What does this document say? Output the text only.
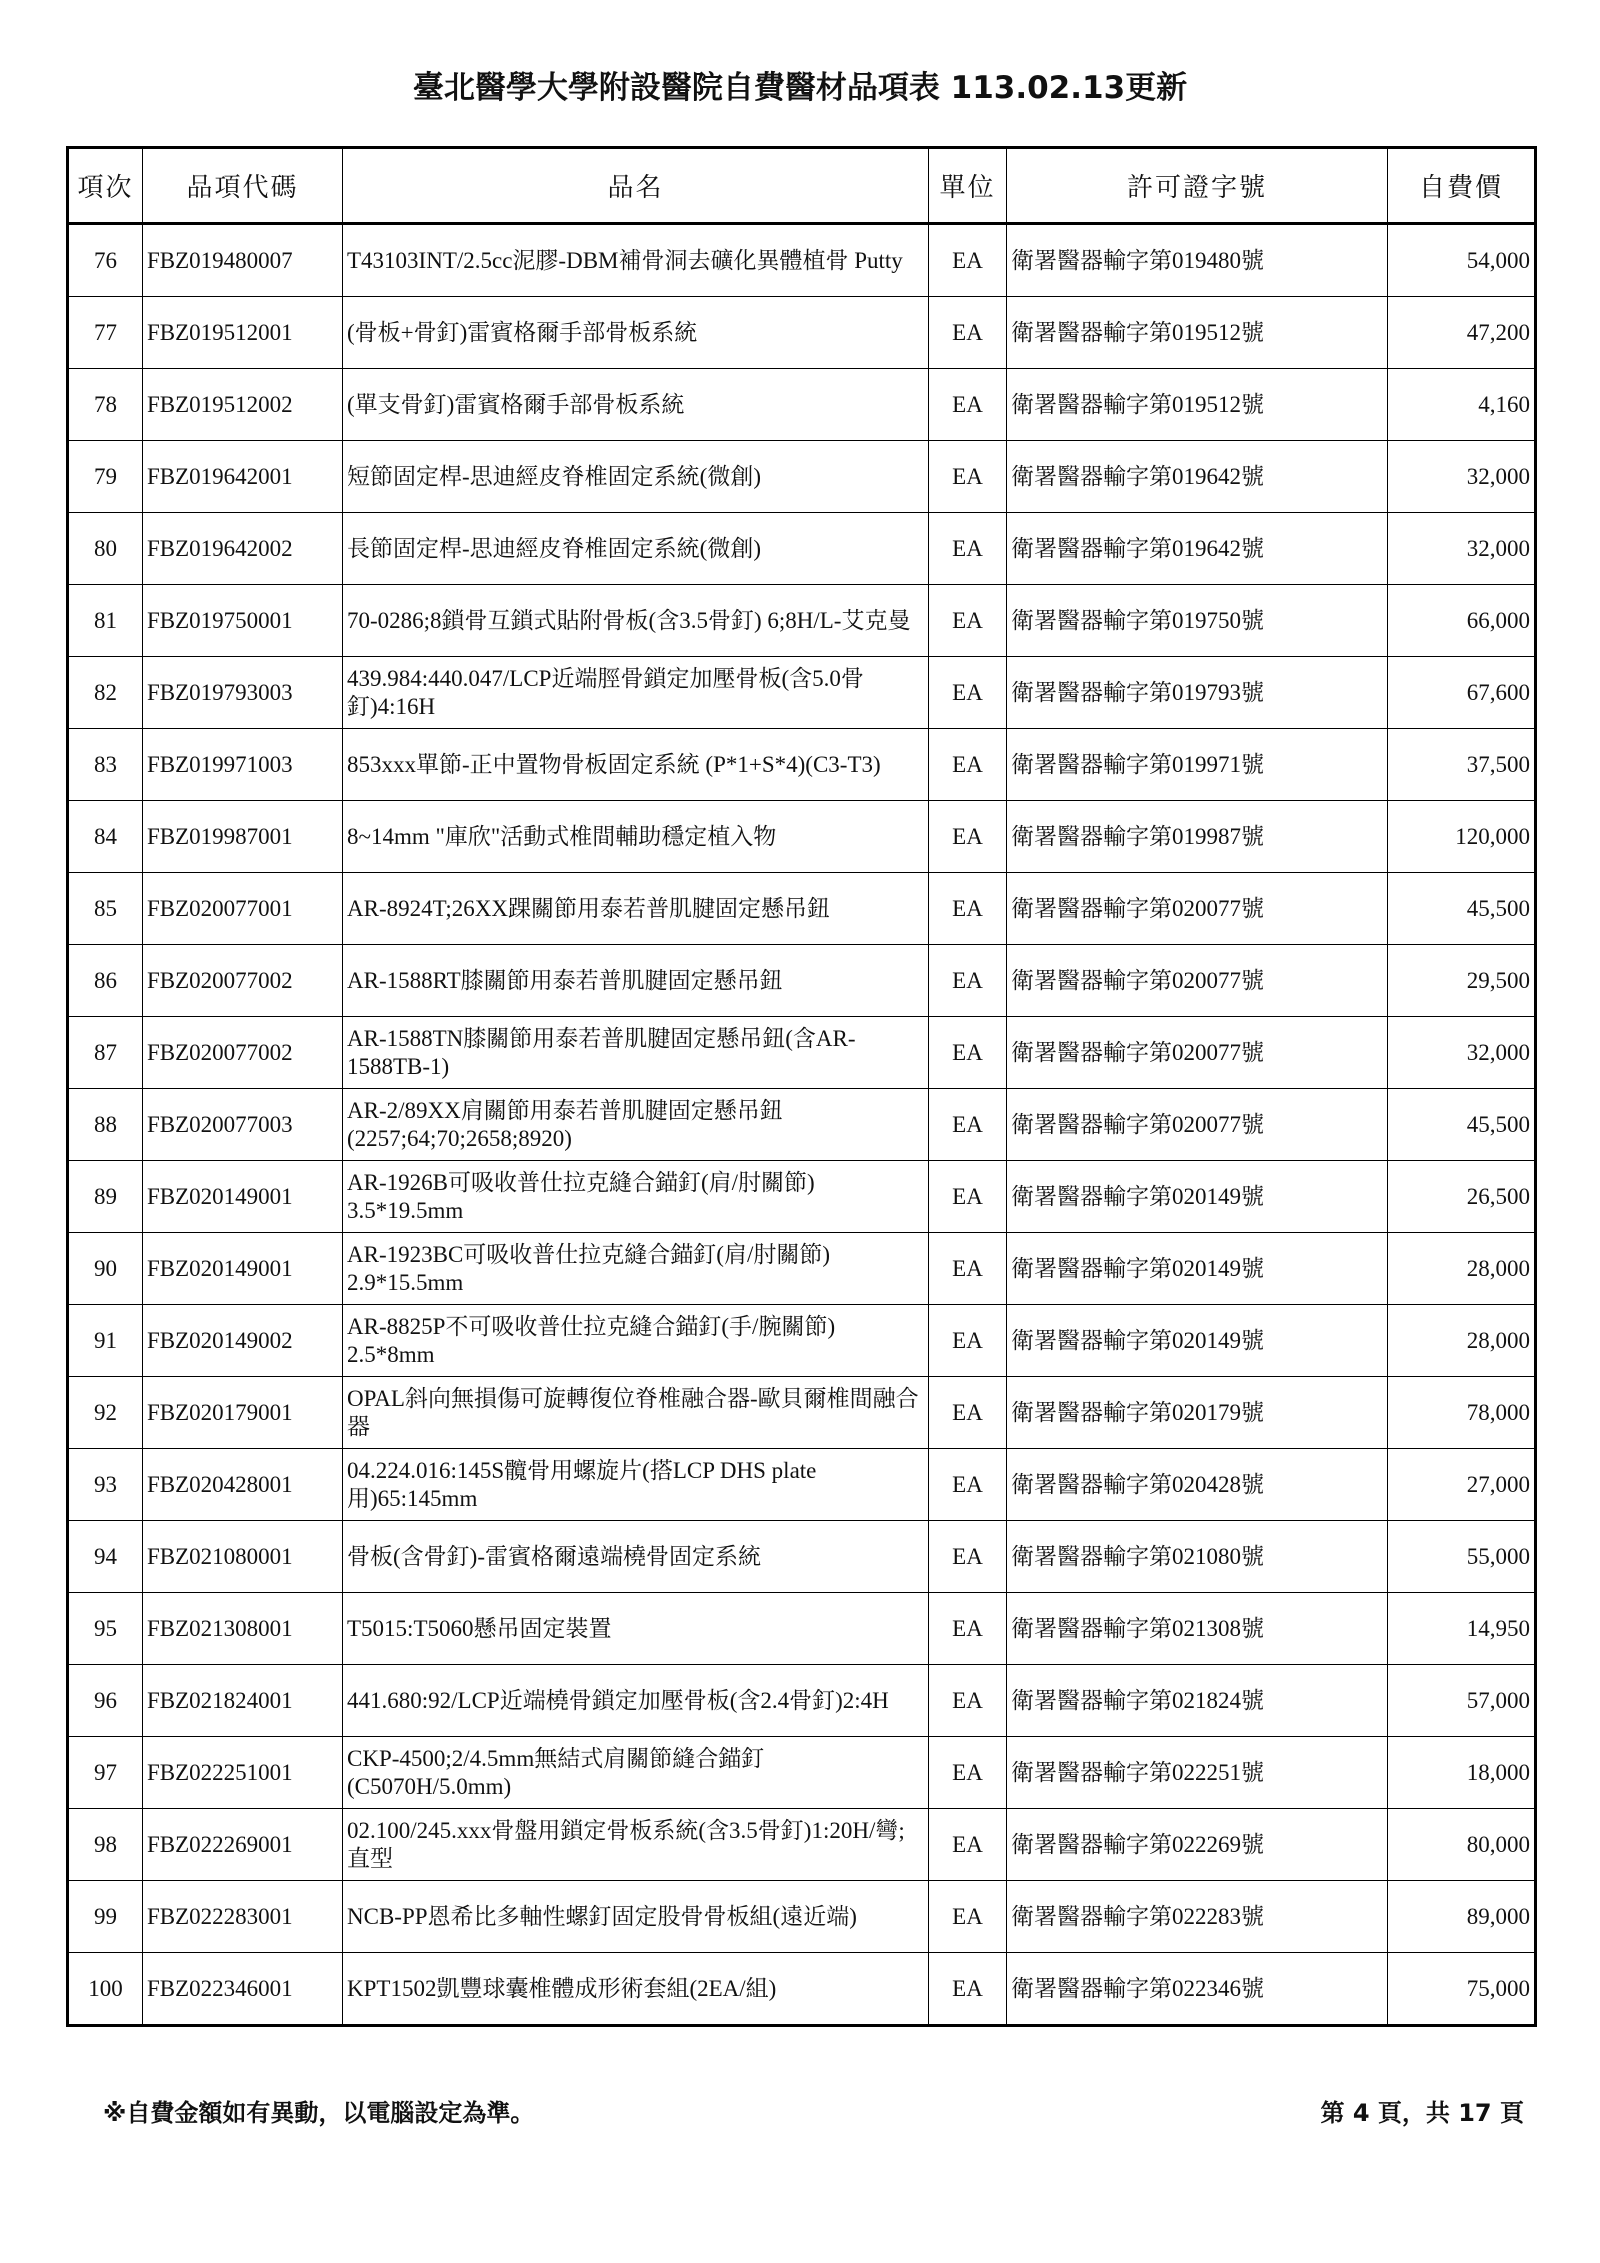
臺北醫學大學附設醫院自費醫材品項表 113.02.13更新
項次	品項代碼	品名	單位	許可證字號	自費價
76	FBZ019480007	T43103INT/2.5cc泥膠-DBM補骨洞去礦化異體植骨 Putty	EA	衛署醫器輸字第019480號	54,000
77	FBZ019512001	(骨板+骨釘)雷賓格爾手部骨板系統	EA	衛署醫器輸字第019512號	47,200
78	FBZ019512002	(單支骨釘)雷賓格爾手部骨板系統	EA	衛署醫器輸字第019512號	4,160
79	FBZ019642001	短節固定桿-思迪經皮脊椎固定系統(微創)	EA	衛署醫器輸字第019642號	32,000
80	FBZ019642002	長節固定桿-思迪經皮脊椎固定系統(微創)	EA	衛署醫器輸字第019642號	32,000
81	FBZ019750001	70-0286;8鎖骨互鎖式貼附骨板(含3.5骨釘) 6;8H/L-艾克曼	EA	衛署醫器輸字第019750號	66,000
82	FBZ019793003	439.984:440.047/LCP近端脛骨鎖定加壓骨板(含5.0骨釘)4:16H	EA	衛署醫器輸字第019793號	67,600
83	FBZ019971003	853xxx單節-正中置物骨板固定系統 (P*1+S*4)(C3-T3)	EA	衛署醫器輸字第019971號	37,500
84	FBZ019987001	8~14mm "庫欣"活動式椎間輔助穩定植入物	EA	衛署醫器輸字第019987號	120,000
85	FBZ020077001	AR-8924T;26XX踝關節用泰若普肌腱固定懸吊鈕	EA	衛署醫器輸字第020077號	45,500
86	FBZ020077002	AR-1588RT膝關節用泰若普肌腱固定懸吊鈕	EA	衛署醫器輸字第020077號	29,500
87	FBZ020077002	AR-1588TN膝關節用泰若普肌腱固定懸吊鈕(含AR-1588TB-1)	EA	衛署醫器輸字第020077號	32,000
88	FBZ020077003	AR-2/89XX肩關節用泰若普肌腱固定懸吊鈕 (2257;64;70;2658;8920)	EA	衛署醫器輸字第020077號	45,500
89	FBZ020149001	AR-1926B可吸收普仕拉克縫合錨釘(肩/肘關節) 3.5*19.5mm	EA	衛署醫器輸字第020149號	26,500
90	FBZ020149001	AR-1923BC可吸收普仕拉克縫合錨釘(肩/肘關節) 2.9*15.5mm	EA	衛署醫器輸字第020149號	28,000
91	FBZ020149002	AR-8825P不可吸收普仕拉克縫合錨釘(手/腕關節) 2.5*8mm	EA	衛署醫器輸字第020149號	28,000
92	FBZ020179001	OPAL斜向無損傷可旋轉復位脊椎融合器-歐貝爾椎間融合器	EA	衛署醫器輸字第020179號	78,000
93	FBZ020428001	04.224.016:145S髖骨用螺旋片(搭LCP DHS plate用)65:145mm	EA	衛署醫器輸字第020428號	27,000
94	FBZ021080001	骨板(含骨釘)-雷賓格爾遠端橈骨固定系統	EA	衛署醫器輸字第021080號	55,000
95	FBZ021308001	T5015:T5060懸吊固定裝置	EA	衛署醫器輸字第021308號	14,950
96	FBZ021824001	441.680:92/LCP近端橈骨鎖定加壓骨板(含2.4骨釘)2:4H	EA	衛署醫器輸字第021824號	57,000
97	FBZ022251001	CKP-4500;2/4.5mm無結式肩關節縫合錨釘 (C5070H/5.0mm)	EA	衛署醫器輸字第022251號	18,000
98	FBZ022269001	02.100/245.xxx骨盤用鎖定骨板系統(含3.5骨釘)1:20H/彎;直型	EA	衛署醫器輸字第022269號	80,000
99	FBZ022283001	NCB-PP恩希比多軸性螺釘固定股骨骨板組(遠近端)	EA	衛署醫器輸字第022283號	89,000
100	FBZ022346001	KPT1502凱豐球囊椎體成形術套組(2EA/組)	EA	衛署醫器輸字第022346號	75,000
※自費金額如有異動，以電腦設定為準。	第 4 頁，共 17 頁
